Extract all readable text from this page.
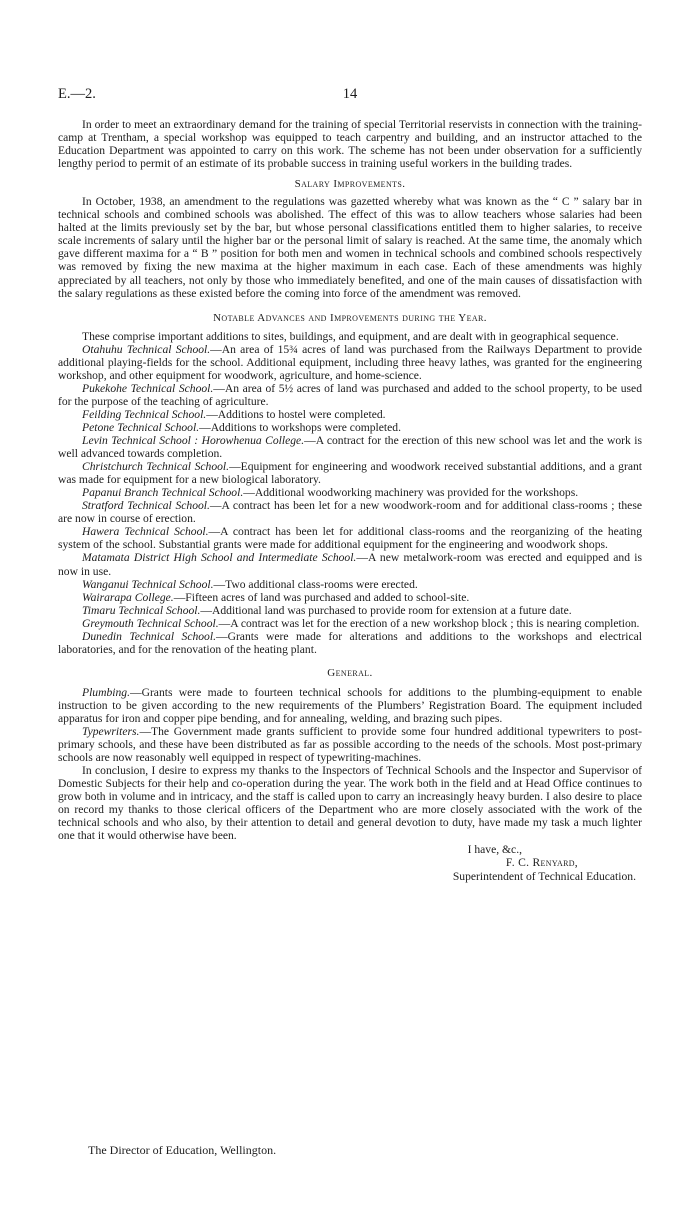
E.—2.	14

In order to meet an extraordinary demand for the training of special Territorial reservists in connection with the training-camp at Trentham, a special workshop was equipped to teach carpentry and building, and an instructor attached to the Education Department was appointed to carry on this work. The scheme has not been under observation for a sufficiently lengthy period to permit of an estimate of its probable success in training useful workers in the building trades.

Salary Improvements.

In October, 1938, an amendment to the regulations was gazetted whereby what was known as the “ C ” salary bar in technical schools and combined schools was abolished. The effect of this was to allow teachers whose salaries had been halted at the limits previously set by the bar, but whose personal classifications entitled them to higher salaries, to receive scale increments of salary until the higher bar or the personal limit of salary is reached. At the same time, the anomaly which gave different maxima for a “ B ” position for both men and women in technical schools and combined schools respectively was removed by fixing the new maxima at the higher maximum in each case. Each of these amendments was highly appreciated by all teachers, not only by those who immediately benefited, and one of the main causes of dissatisfaction with the salary regulations as these existed before the coming into force of the amendment was removed.

Notable Advances and Improvements during the Year.

These comprise important additions to sites, buildings, and equipment, and are dealt with in geographical sequence.

Otahuhu Technical School.—An area of 15¾ acres of land was purchased from the Railways Department to provide additional playing-fields for the school. Additional equipment, including three heavy lathes, was granted for the engineering workshop, and other equipment for woodwork, agriculture, and home-science.

Pukekohe Technical School.—An area of 5½ acres of land was purchased and added to the school property, to be used for the purpose of the teaching of agriculture.

Feilding Technical School.—Additions to hostel were completed.

Petone Technical School.—Additions to workshops were completed.

Levin Technical School : Horowhenua College.—A contract for the erection of this new school was let and the work is well advanced towards completion.

Christchurch Technical School.—Equipment for engineering and woodwork received substantial additions, and a grant was made for equipment for a new biological laboratory.

Papanui Branch Technical School.—Additional woodworking machinery was provided for the workshops.

Stratford Technical School.—A contract has been let for a new woodwork-room and for additional class-rooms ; these are now in course of erection.

Hawera Technical School.—A contract has been let for additional class-rooms and the reorganizing of the heating system of the school. Substantial grants were made for additional equipment for the engineering and woodwork shops.

Matamata District High School and Intermediate School.—A new metalwork-room was erected and equipped and is now in use.

Wanganui Technical School.—Two additional class-rooms were erected.

Wairarapa College.—Fifteen acres of land was purchased and added to school-site.

Timaru Technical School.—Additional land was purchased to provide room for extension at a future date.

Greymouth Technical School.—A contract was let for the erection of a new workshop block ; this is nearing completion.

Dunedin Technical School.—Grants were made for alterations and additions to the workshops and electrical laboratories, and for the renovation of the heating plant.

General.

Plumbing.—Grants were made to fourteen technical schools for additions to the plumbing-equipment to enable instruction to be given according to the new requirements of the Plumbers’ Registration Board. The equipment included apparatus for iron and copper pipe bending, and for annealing, welding, and brazing such pipes.

Typewriters.—The Government made grants sufficient to provide some four hundred additional typewriters to post-primary schools, and these have been distributed as far as possible according to the needs of the schools. Most post-primary schools are now reasonably well equipped in respect of typewriting-machines.

In conclusion, I desire to express my thanks to the Inspectors of Technical Schools and the Inspector and Supervisor of Domestic Subjects for their help and co-operation during the year. The work both in the field and at Head Office continues to grow both in volume and in intricacy, and the staff is called upon to carry an increasingly heavy burden. I also desire to place on record my thanks to those clerical officers of the Department who are more closely associated with the work of the technical schools and who also, by their attention to detail and general devotion to duty, have made my task a much lighter one that it would otherwise have been.

I have, &c.,
F. C. Renyard,
Superintendent of Technical Education.
The Director of Education, Wellington.
